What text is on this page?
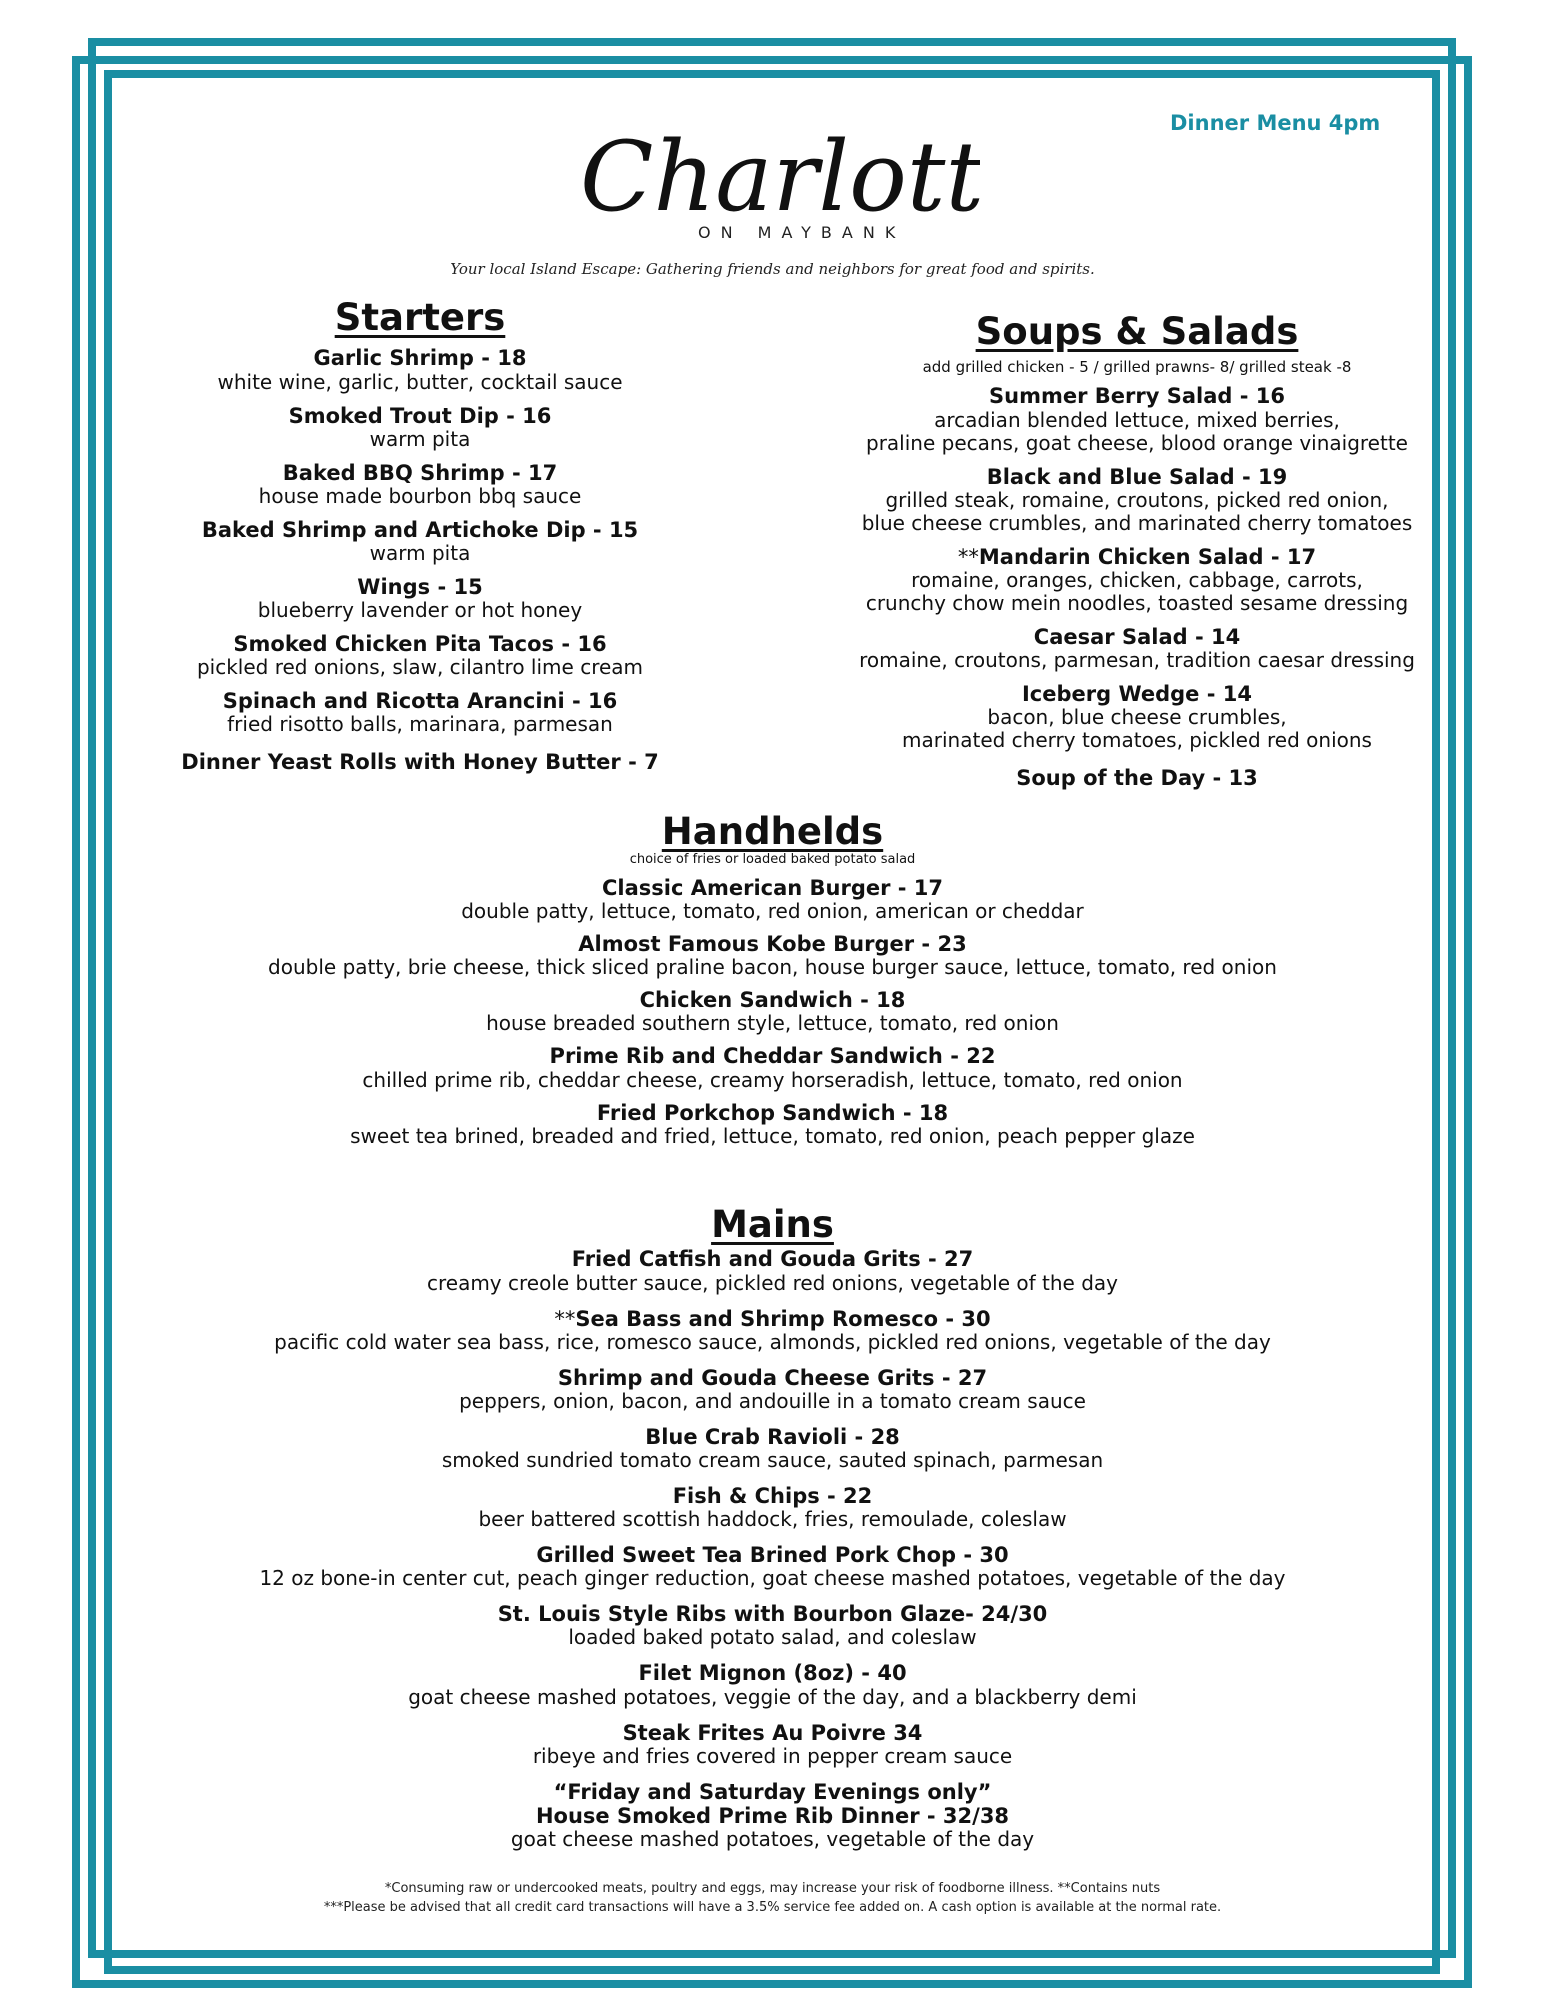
Dinner Menu 4pm
Charlot
ON MAYBANK
Your local Island Escape: Gathering friends and neighbors for great food and spirits.
Starters
Garlic Shrimp - 18
white wine, garlic, butter, cocktail sauce
Smoked Trout Dip - 16
warm pita
Baked BBQ Shrimp - 17
house made bourbon bbq sauce
Baked Shrimp and Artichoke Dip - 15
warm pita
Wings - 15
blueberry lavender or hot honey
Smoked Chicken Pita Tacos - 16
pickled red onions, slaw, cilantro lime cream
Spinach and Ricotta Arancini - 16
fried risotto balls, marinara, parmesan
Dinner Yeast Rolls with Honey Butter - 7
Soups & Salads
add grilled chicken - 5 / grilled prawns- 8/ grilled steak -8
Summer Berry Salad - 16
arcadian blended lettuce, mixed berries,
praline pecans, goat cheese, blood orange vinaigrette
Black and Blue Salad - 19
grilled steak, romaine, croutons, picked red onion,
blue cheese crumbles, and marinated cherry tomatoes
**Mandarin Chicken Salad - 17
romaine, oranges, chicken, cabbage, carrots,
crunchy chow mein noodles, toasted sesame dressing
Caesar Salad - 14
romaine, croutons, parmesan, tradition caesar dressing
Iceberg Wedge - 14
bacon, blue cheese crumbles,
marinated cherry tomatoes, pickled red onions
Soup of the Day - 13
Handhelds
choice of fries or loaded baked potato salad
Classic American Burger - 17
double patty, lettuce, tomato, red onion, american or cheddar
Almost Famous Kobe Burger - 23
double patty, brie cheese, thick sliced praline bacon, house burger sauce, lettuce, tomato, red onion
Chicken Sandwich - 18
house breaded southern style, lettuce, tomato, red onion
Prime Rib and Cheddar Sandwich - 22
chilled prime rib, cheddar cheese, creamy horseradish, lettuce, tomato, red onion
Fried Porkchop Sandwich - 18
sweet tea brined, breaded and fried, lettuce, tomato, red onion, peach pepper glaze
Mains
Fried Catfish and Gouda Grits - 27
creamy creole butter sauce, pickled red onions, vegetable of the day
**Sea Bass and Shrimp Romesco - 30
pacific cold water sea bass, rice, romesco sauce, almonds, pickled red onions, vegetable of the day
Shrimp and Gouda Cheese Grits - 27
peppers, onion, bacon, and andouille in a tomato cream sauce
Blue Crab Ravioli - 28
smoked sundried tomato cream sauce, sauted spinach, parmesan
Fish & Chips - 22
beer battered scottish haddock, fries, remoulade, coleslaw
Grilled Sweet Tea Brined Pork Chop - 30
12 oz bone-in center cut, peach ginger reduction, goat cheese mashed potatoes, vegetable of the day
St. Louis Style Ribs with Bourbon Glaze- 24/30
loaded baked potato salad, and coleslaw
Filet Mignon (8oz) - 40
goat cheese mashed potatoes, veggie of the day, and a blackberry demi
Steak Frites Au Poivre 34
ribeye and fries covered in pepper cream sauce
“Friday and Saturday Evenings only”
House Smoked Prime Rib Dinner - 32/38
goat cheese mashed potatoes, vegetable of the day
*Consuming raw or undercooked meats, poultry and eggs, may increase your risk of foodborne illness. **Contains nuts
***Please be advised that all credit card transactions will have a 3.5% service fee added on. A cash option is available at the normal rate.
